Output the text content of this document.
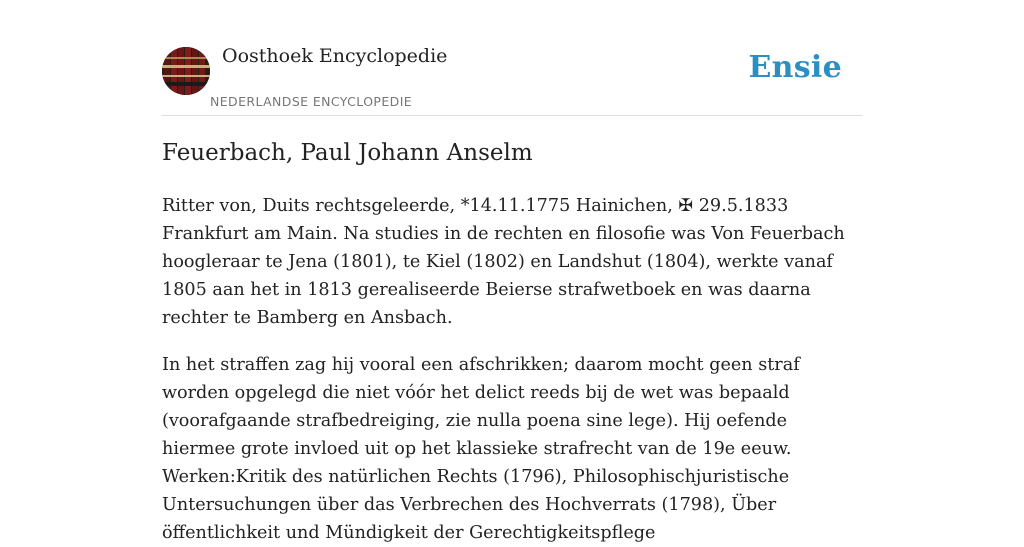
Oosthoek Encyclopedie
NEDERLANDSE ENCYCLOPEDIE
Ensie
Feuerbach, Paul Johann Anselm

Ritter von, Duits rechtsgeleerde, *14.11.1775 Hainichen, ✠ 29.5.1833 Frankfurt am Main. Na studies in de rechten en filosofie was Von Feuerbach hoogleraar te Jena (1801), te Kiel (1802) en Landshut (1804), werkte vanaf 1805 aan het in 1813 gerealiseerde Beierse strafwetboek en was daarna rechter te Bamberg en Ansbach.

In het straffen zag hij vooral een afschrikken; daarom mocht geen straf worden opgelegd die niet vóór het delict reeds bij de wet was bepaald (voorafgaande strafbedreiging, zie nulla poena sine lege). Hij oefende hiermee grote invloed uit op het klassieke strafrecht van de 19e eeuw. Werken:Kritik des natürlichen Rechts (1796), Philosophischjuristische Untersuchungen über das Verbrechen des Hochverrats (1798), Über öffentlichkeit und Mündigkeit der Gerechtigkeitspflege
